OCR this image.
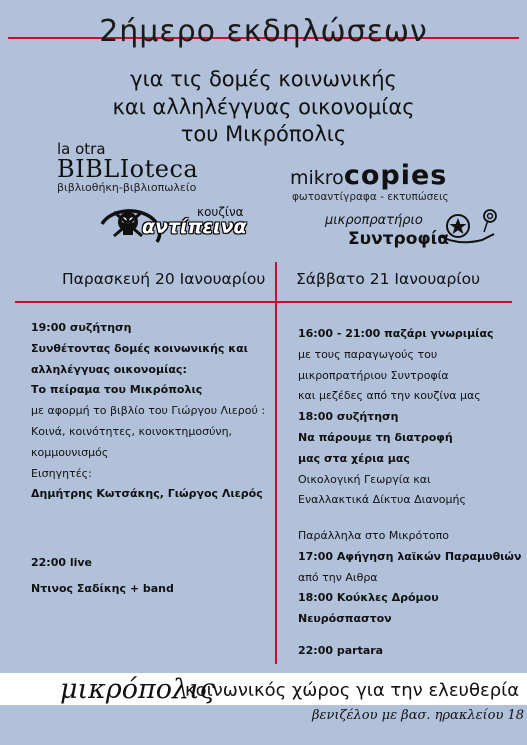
2ήμερο εκδηλώσεων
για τις δομές κοινωνικής
και αλληλέγγυας οικονομίας
του Μικρόπολις
la otra
BIBLIoteca
βιβλιοθήκη-βιβλιοπωλείο	mikrocopies
φωτοαντίγραφα - εκτυπώσεις
κουζίνα
αντίπεινα	μικροπρατήριο
Συντροφία
Παρασκευή 20 Ιανουαρίου Σάββατο 21 Ιανουαρίου
19:00 συζήτηση
Συνθέτοντας δομές κοινωνικής και
αλληλέγγυας οικονομίας:
Το πείραμα του Μικρόπολις
με αφορμή το βιβλίο του Γιώργου Λιερού :
Κοινά, κοινότητες, κοινοκτημοσύνη,
κομμουνισμός
Εισηγητές:
Δημήτρης Κωτσάκης, Γιώργος Λιερός
22:00 live
Ντινος Σαδίκης + band
16:00 - 21:00 παζάρι γνωριμίας
με τους παραγωγούς του
μικροπρατήριου Συντροφία
και μεζέδες από την κουζίνα μας
18:00 συζήτηση
Να πάρουμε τη διατροφή
μας στα χέρια μας
Οικολογική Γεωργία και
Εναλλακτικά Δίκτυα Διανομής
Παράλληλα στο Μικρότοπο
17:00 Αφήγηση λαϊκών Παραμυθιών
από την Αιθρα
18:00 Κούκλες Δρόμου
Νευρόσπαστον
22:00 partara
μικρόπολις
κοινωνικός χώρος για την ελευθερία
βενιζέλου με βασ. ηρακλείου 18
